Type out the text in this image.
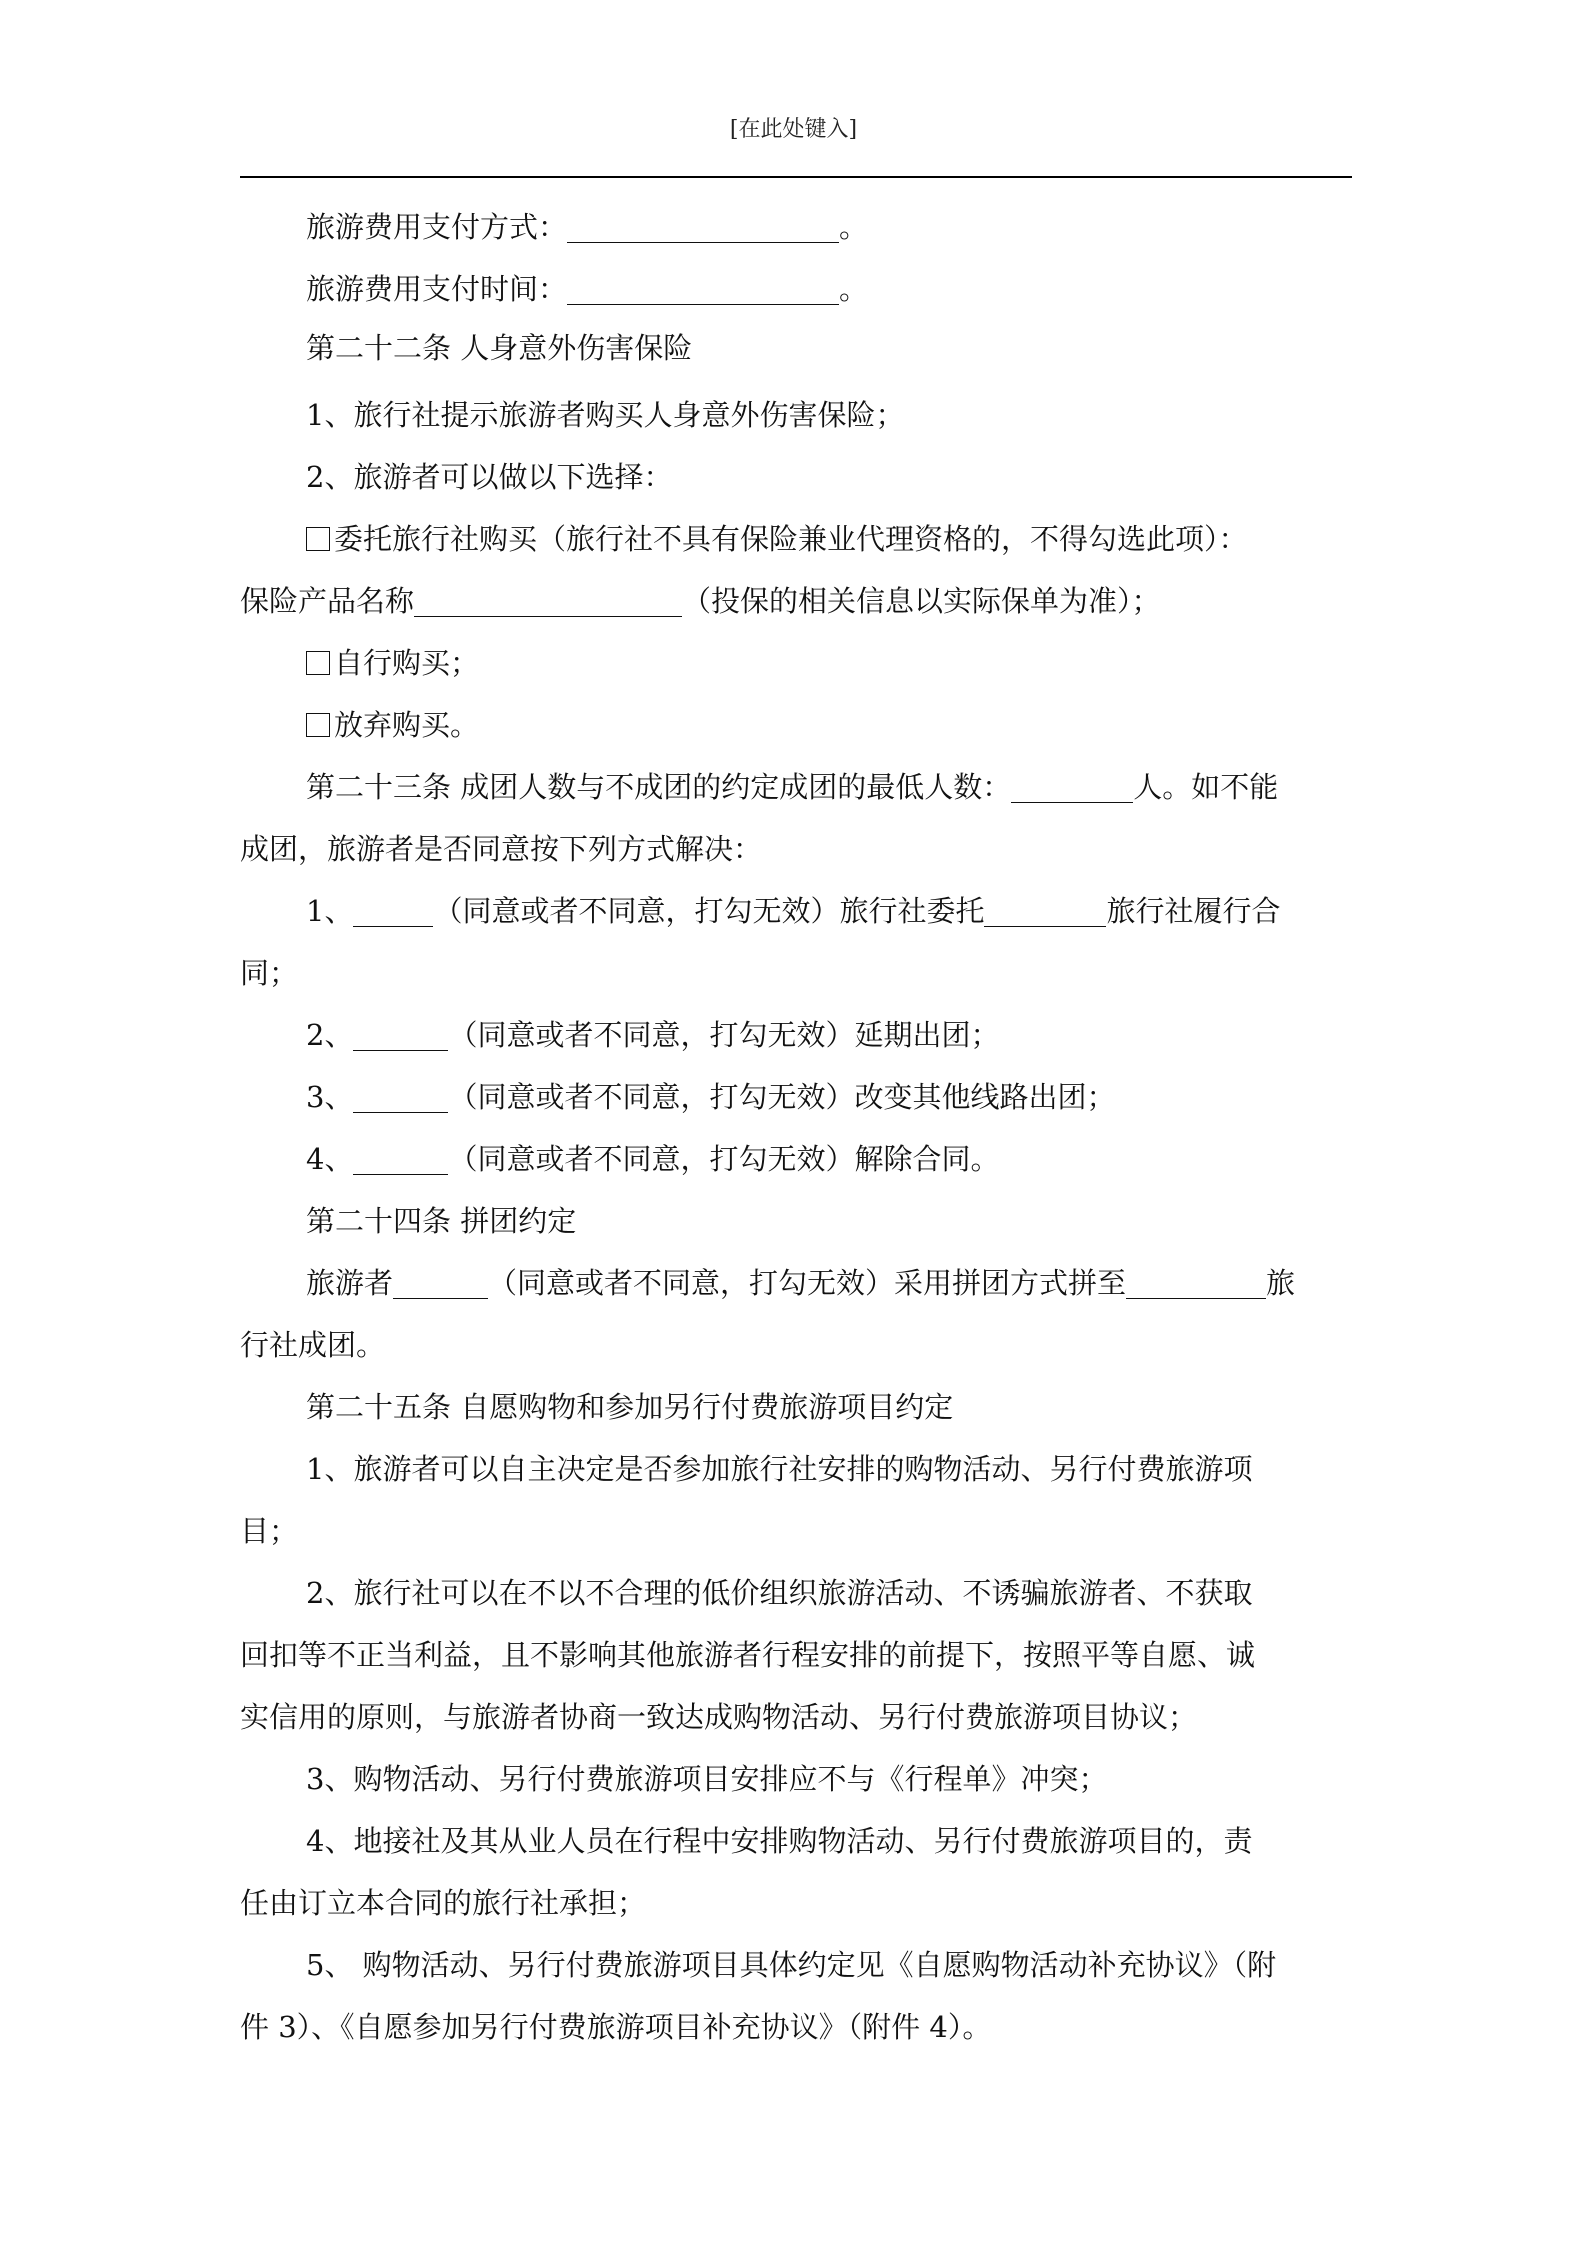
[在此处键入]
旅游费用支付方式：	。
旅游费用支付时间：	。
第二十二条 人身意外伤害保险
1、旅行社提示旅游者购买人身意外伤害保险；
2、旅游者可以做以下选择：
委托旅行社购买（旅行社不具有保险兼业代理资格的，不得勾选此项）：
保险产品名称	（投保的相关信息以实际保单为准）；
自行购买；
放弃购买。
第二十三条 成团人数与不成团的约定成团的最低人数：	人。如不能
成团，旅游者是否同意按下列方式解决：
1、	（同意或者不同意，打勾无效）旅行社委托	旅行社履行合
同；
2、	（同意或者不同意，打勾无效）延期出团；
3、	（同意或者不同意，打勾无效）改变其他线路出团；
4、	（同意或者不同意，打勾无效）解除合同。
第二十四条 拼团约定
旅游者	（同意或者不同意，打勾无效）采用拼团方式拼至	旅
行社成团。
第二十五条 自愿购物和参加另行付费旅游项目约定
1、旅游者可以自主决定是否参加旅行社安排的购物活动、另行付费旅游项
目；
2、旅行社可以在不以不合理的低价组织旅游活动、不诱骗旅游者、不获取
回扣等不正当利益，且不影响其他旅游者行程安排的前提下，按照平等自愿、诚
实信用的原则，与旅游者协商一致达成购物活动、另行付费旅游项目协议；
3、购物活动、另行付费旅游项目安排应不与《行程单》冲突；
4、地接社及其从业人员在行程中安排购物活动、另行付费旅游项目的，责
任由订立本合同的旅行社承担；
5、 购物活动、另行付费旅游项目具体约定见《自愿购物活动补充协议》（附
件 3）、《自愿参加另行付费旅游项目补充协议》（附件 4）。
